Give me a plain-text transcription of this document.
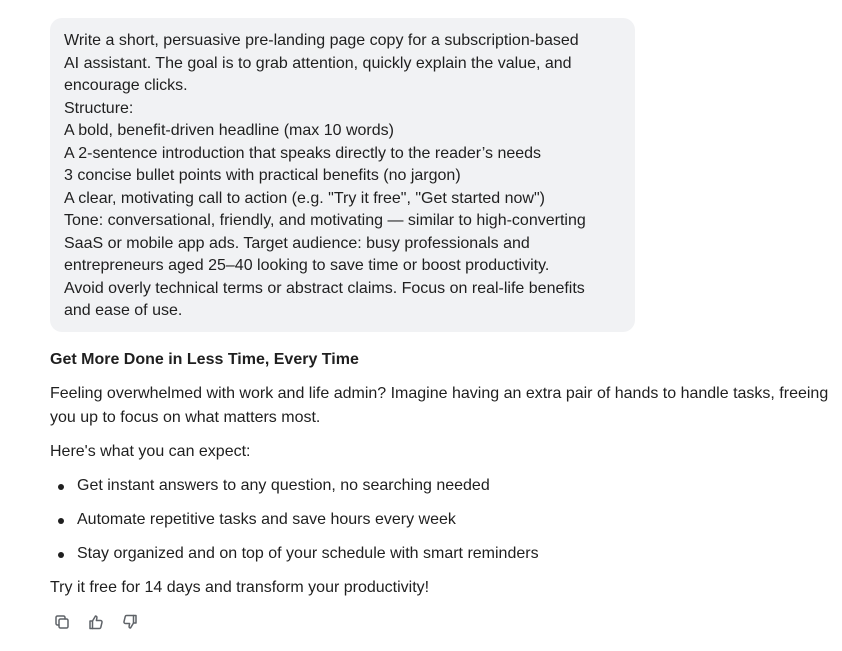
Write a short, persuasive pre-landing page copy for a subscription-based
AI assistant. The goal is to grab attention, quickly explain the value, and
encourage clicks.
Structure:
A bold, benefit-driven headline (max 10 words)
A 2-sentence introduction that speaks directly to the reader’s needs
3 concise bullet points with practical benefits (no jargon)
A clear, motivating call to action (e.g. "Try it free", "Get started now")
Tone: conversational, friendly, and motivating — similar to high-converting
SaaS or mobile app ads. Target audience: busy professionals and
entrepreneurs aged 25–40 looking to save time or boost productivity.
Avoid overly technical terms or abstract claims. Focus on real-life benefits
and ease of use.

Get More Done in Less Time, Every Time

Feeling overwhelmed with work and life admin? Imagine having an extra pair of hands to handle tasks, freeing you up to focus on what matters most.

Here's what you can expect:

Get instant answers to any question, no searching needed
Automate repetitive tasks and save hours every week
Stay organized and on top of your schedule with smart reminders

Try it free for 14 days and transform your productivity!
